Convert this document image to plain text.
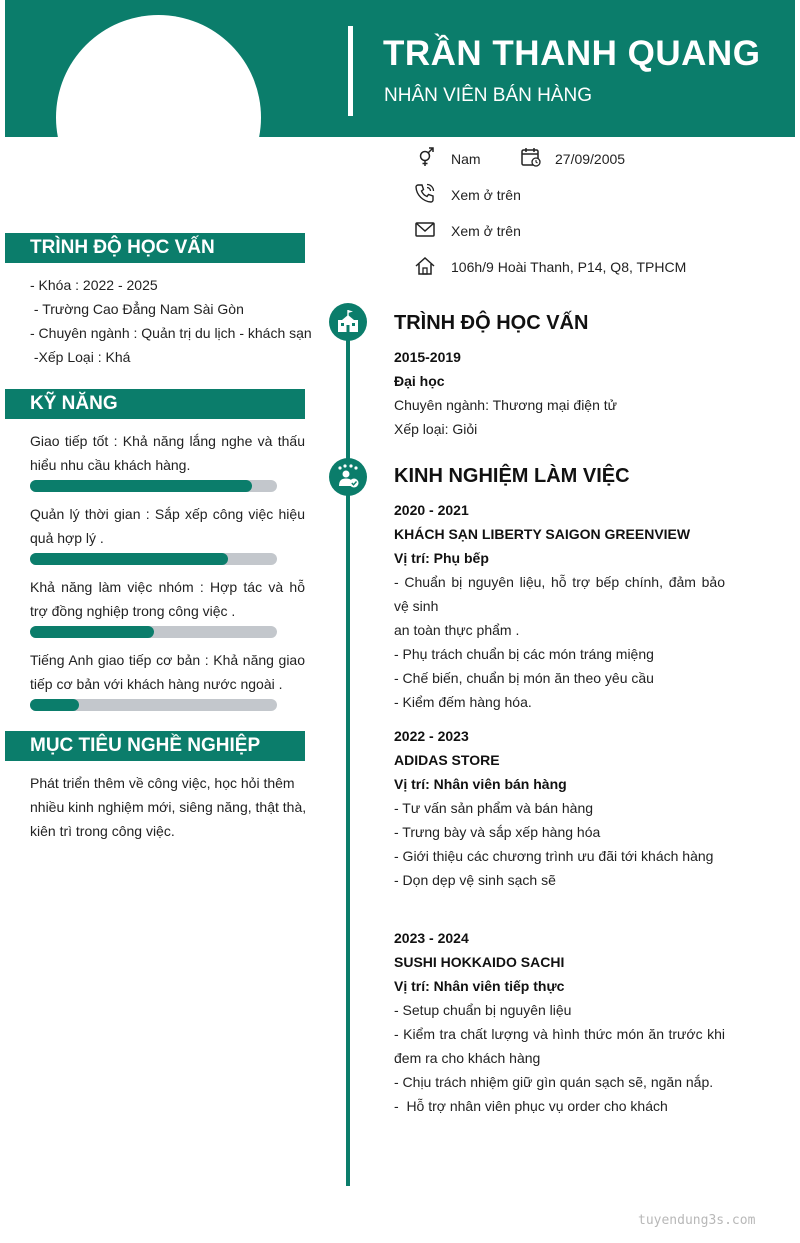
TRẦN THANH QUANG
NHÂN VIÊN BÁN HÀNG
Nam	27/09/2005
Xem ở trên
Xem ở trên
106h/9 Hoài Thanh, P14, Q8, TPHCM
TRÌNH ĐỘ HỌC VẤN
- Khóa : 2022 - 2025
- Trường Cao Đẳng Nam Sài Gòn
- Chuyên ngành : Quản trị du lịch - khách sạn
-Xếp Loại : Khá
KỸ NĂNG
Giao tiếp tốt : Khả năng lắng nghe và thấu hiểu nhu cầu khách hàng.
Quản lý thời gian : Sắp xếp công việc hiệu quả hợp lý .
Khả năng làm việc nhóm : Hợp tác và hỗ trợ đồng nghiệp trong công việc .
Tiếng Anh giao tiếp cơ bản : Khả năng giao tiếp cơ bản với khách hàng nước ngoài .
MỤC TIÊU NGHỀ NGHIỆP
Phát triển thêm về công việc, học hỏi thêm nhiều kinh nghiệm mới, siêng năng, thật thà, kiên trì trong công việc.
TRÌNH ĐỘ HỌC VẤN
2015-2019
Đại học
Chuyên ngành: Thương mại điện tử
Xếp loại: Giỏi
KINH NGHIỆM LÀM VIỆC
2020 - 2021
KHÁCH SẠN LIBERTY SAIGON GREENVIEW
Vị trí: Phụ bếp
- Chuẩn bị nguyên liệu, hỗ trợ bếp chính, đảm bảo vệ sinh
an toàn thực phẩm .
- Phụ trách chuẩn bị các món tráng miệng
- Chế biến, chuẩn bị món ăn theo yêu cầu
- Kiểm đếm hàng hóa.
2022 - 2023
ADIDAS STORE
Vị trí: Nhân viên bán hàng
- Tư vấn sản phẩm và bán hàng
- Trưng bày và sắp xếp hàng hóa
- Giới thiệu các chương trình ưu đãi tới khách hàng
- Dọn dẹp vệ sinh sạch sẽ
2023 - 2024
SUSHI HOKKAIDO SACHI
Vị trí: Nhân viên tiếp thực
- Setup chuẩn bị nguyên liệu
- Kiểm tra chất lượng và hình thức món ăn trước khi đem ra cho khách hàng
- Chịu trách nhiệm giữ gìn quán sạch sẽ, ngăn nắp.
-  Hỗ trợ nhân viên phục vụ order cho khách
tuyendung3s.com
